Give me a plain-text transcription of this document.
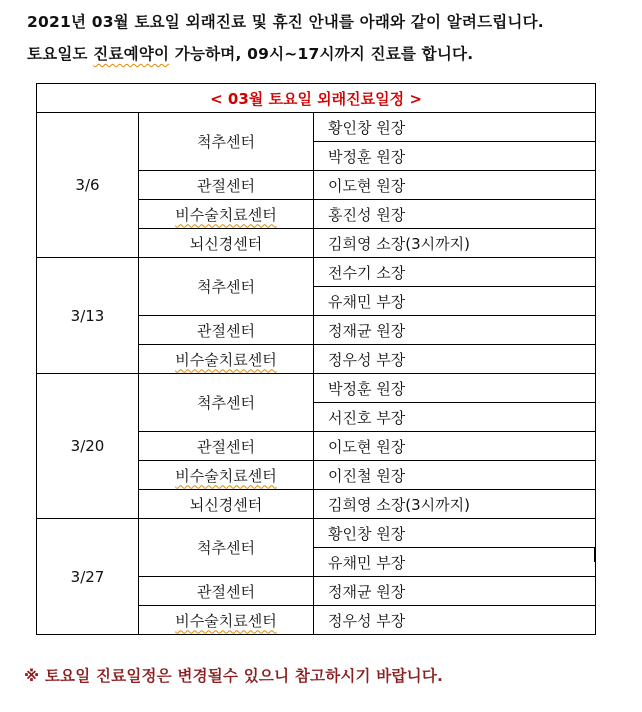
2021년 03월 토요일 외래진료 및 휴진 안내를 아래와 같이 알려드립니다.
토요일도 진료예약이 가능하며, 09시~17시까지 진료를 합니다.
< 03월 토요일 외래진료일정 >		
3/6	척추센터	황인창 원장
		박정훈 원장
	관절센터	이도현 원장
	비수술치료센터	홍진성 원장
	뇌신경센터	김희영 소장(3시까지)
3/13	척추센터	전수기 소장
		유채민 부장
	관절센터	정재균 원장
	비수술치료센터	정우성 부장
3/20	척추센터	박정훈 원장
		서진호 부장
	관절센터	이도현 원장
	비수술치료센터	이진철 원장
	뇌신경센터	김희영 소장(3시까지)
3/27	척추센터	황인창 원장
		유채민 부장
	관절센터	정재균 원장
	비수술치료센터	정우성 부장
※ 토요일 진료일정은 변경될수 있으니 참고하시기 바랍니다.
